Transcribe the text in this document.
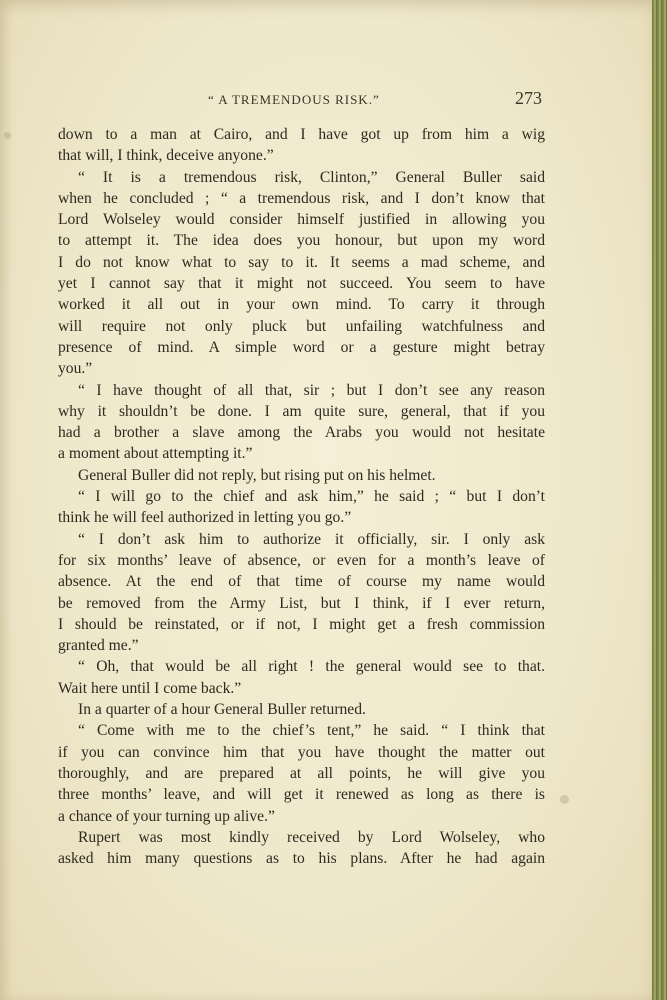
“ A TREMENDOUS RISK.”	273
down to a man at Cairo, and I have got up from him a wig
that will, I think, deceive anyone.”
“ It is a tremendous risk, Clinton,” General Buller said
when he concluded ; “ a tremendous risk, and I don’t know that
Lord Wolseley would consider himself justified in allowing you
to attempt it. The idea does you honour, but upon my word
I do not know what to say to it. It seems a mad scheme, and
yet I cannot say that it might not succeed. You seem to have
worked it all out in your own mind. To carry it through
will require not only pluck but unfailing watchfulness and
presence of mind. A simple word or a gesture might betray
you.”
“ I have thought of all that, sir ; but I don’t see any reason
why it shouldn’t be done. I am quite sure, general, that if you
had a brother a slave among the Arabs you would not hesitate
a moment about attempting it.”
General Buller did not reply, but rising put on his helmet.
“ I will go to the chief and ask him,” he said ; “ but I don’t
think he will feel authorized in letting you go.”
“ I don’t ask him to authorize it officially, sir. I only ask
for six months’ leave of absence, or even for a month’s leave of
absence. At the end of that time of course my name would
be removed from the Army List, but I think, if I ever return,
I should be reinstated, or if not, I might get a fresh commission
granted me.”
“ Oh, that would be all right ! the general would see to that.
Wait here until I come back.”
In a quarter of a hour General Buller returned.
“ Come with me to the chief’s tent,” he said. “ I think that
if you can convince him that you have thought the matter out
thoroughly, and are prepared at all points, he will give you
three months’ leave, and will get it renewed as long as there is
a chance of your turning up alive.”
Rupert was most kindly received by Lord Wolseley, who
asked him many questions as to his plans. After he had again
